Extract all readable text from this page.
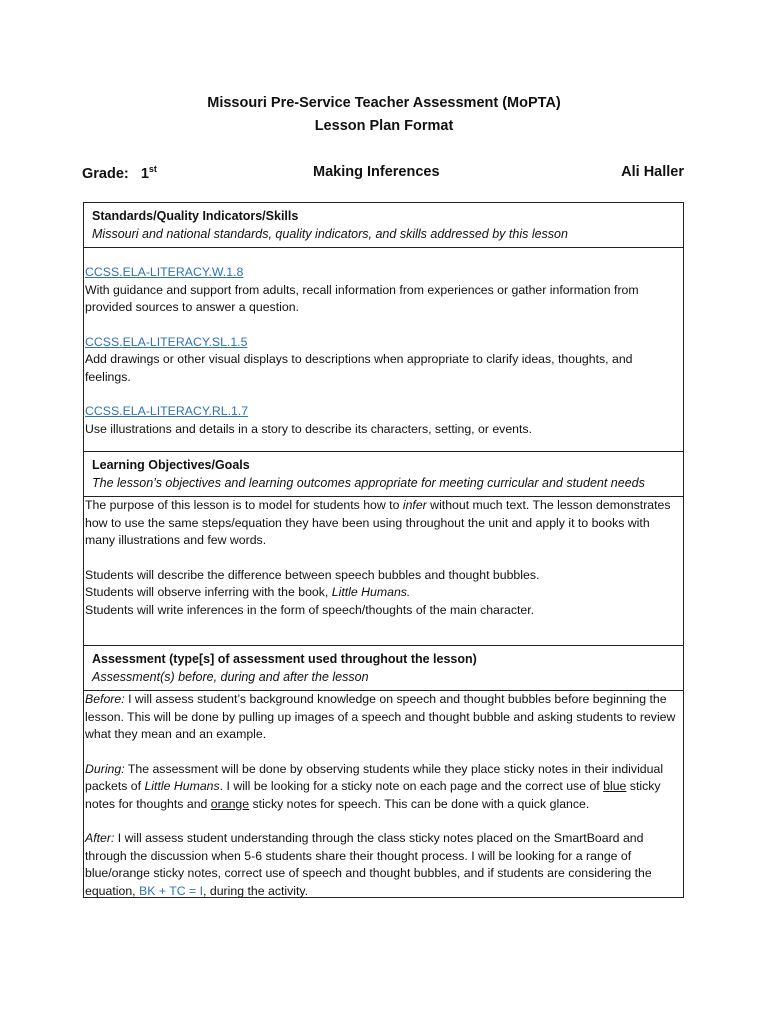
Missouri Pre-Service Teacher Assessment (MoPTA)
Lesson Plan Format
Grade: 1st	Making Inferences	Ali Haller
Standards/Quality Indicators/Skills
Missouri and national standards, quality indicators, and skills addressed by this lesson
CCSS.ELA-LITERACY.W.1.8

With guidance and support from adults, recall information from experiences or gather information from provided sources to answer a question.

CCSS.ELA-LITERACY.SL.1.5

Add drawings or other visual displays to descriptions when appropriate to clarify ideas, thoughts, and feelings.

CCSS.ELA-LITERACY.RL.1.7

Use illustrations and details in a story to describe its characters, setting, or events.

Learning Objectives/Goals
The lesson’s objectives and learning outcomes appropriate for meeting curricular and student needs

The purpose of this lesson is to model for students how to infer without much text. The lesson demonstrates how to use the same steps/equation they have been using throughout the unit and apply it to books with many illustrations and few words.

Students will describe the difference between speech bubbles and thought bubbles.

Students will observe inferring with the book, Little Humans.

Students will write inferences in the form of speech/thoughts of the main character.

Assessment (type[s] of assessment used throughout the lesson)
Assessment(s) before, during and after the lesson

Before: I will assess student’s background knowledge on speech and thought bubbles before beginning the lesson. This will be done by pulling up images of a speech and thought bubble and asking students to review what they mean and an example.

During: The assessment will be done by observing students while they place sticky notes in their individual packets of Little Humans. I will be looking for a sticky note on each page and the correct use of blue sticky notes for thoughts and orange sticky notes for speech. This can be done with a quick glance.

After: I will assess student understanding through the class sticky notes placed on the SmartBoard and through the discussion when 5-6 students share their thought process. I will be looking for a range of blue/orange sticky notes, correct use of speech and thought bubbles, and if students are considering the equation, BK + TC = I, during the activity.
